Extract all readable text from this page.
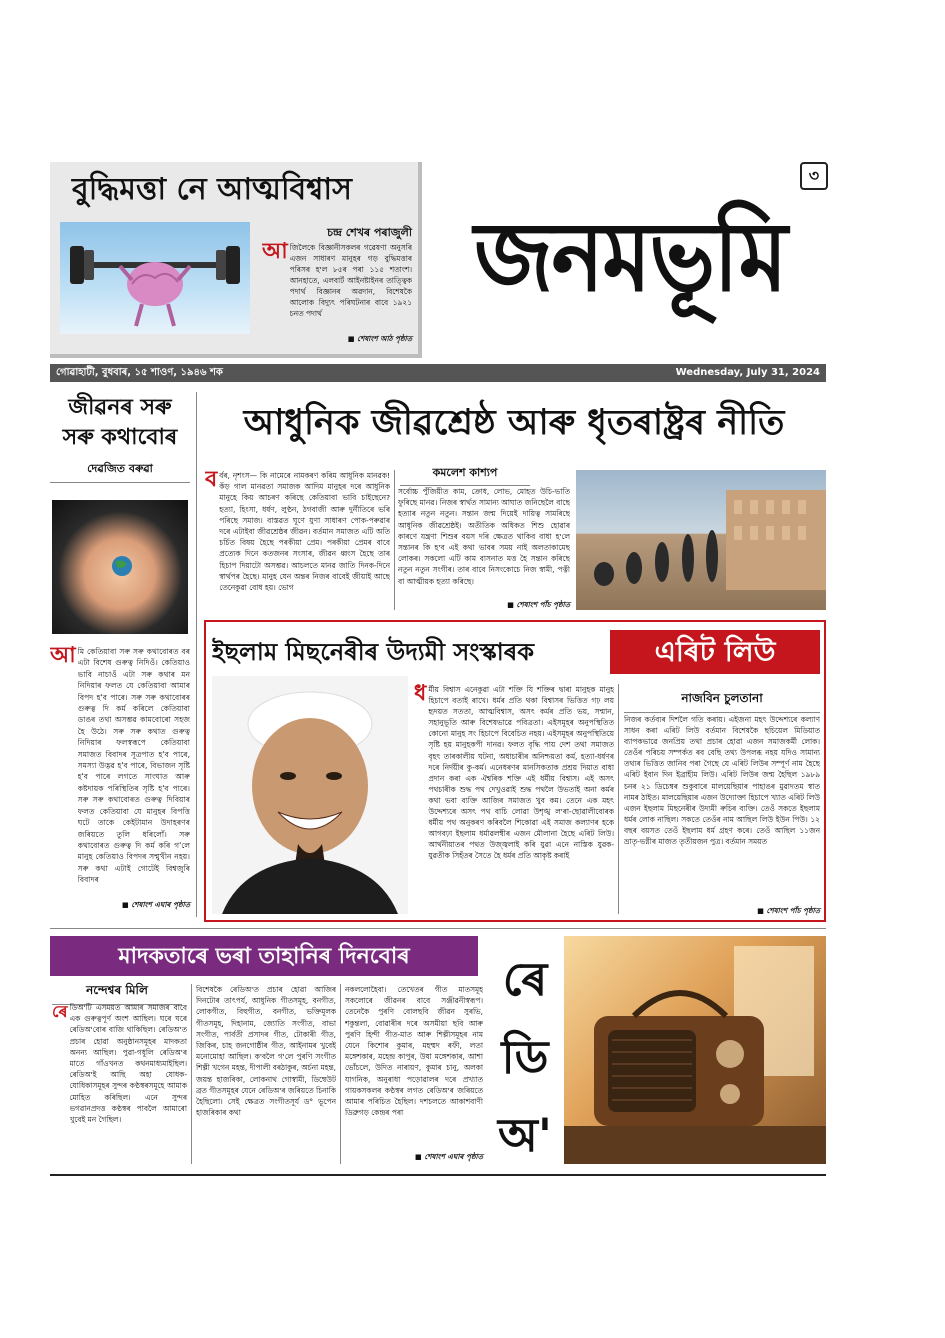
বুদ্ধিমত্তা নে আত্মবিশ্বাস
চন্দ্ৰ শেখৰ পৰাজুলী
আ জিলৈকে বিজ্ঞানীসকলৰ গৱেষণা অনুসৰি এজন সাধাৰণ মানুহৰ গড় বুদ্ধিমত্তাৰ পৰিসৰ হ'ল ৮৫ৰ পৰা ১১৫ শতাংশ। আনহাতে, এলবাৰ্ট আইনষ্টাইনৰ তাত্ত্বিক পদাৰ্থ বিজ্ঞানৰ অৱদান, বিশেষকৈ আলোক বিদ্যুৎ পৰিঘটনাৰ বাবে ১৯২১ চনত পদাৰ্থ

■ শেষাংশ আঠ পৃষ্ঠাত
৩
জনমভূমি
গোৱাহাটী, বুধবাৰ, ১৫ শাওণ, ১৯৪৬ শক	Wednesday, July 31, 2024
জীৱনৰ সৰু
সৰু কথাবোৰ
দেৱজিত বৰুৱা
আ মি কেতিয়াবা সৰু সৰু কথাবোৰত বৰ এটা বিশেষ গুৰুত্ব নিদিওঁ। কেতিয়াও ভাবি নাচাওঁ এটা সৰু কথাৰ মন নিদিয়াৰ ফলত যে কেতিয়াবা আমাৰ বিপদ হ'ব পাৰে। সৰু সৰু কথাবোৰৰ গুৰুত্ব দি কৰ্ম কৰিলে কেতিয়াবা ডাঙৰ তথা অসম্ভৱ কামবোৰো সহজ হৈ উঠে। সৰু সৰু কথাত গুৰুত্ব নিদিয়াৰ ফলস্বৰূপে কেতিয়াবা সমাজত বিবাদৰ সূত্ৰপাত হ'ব পাৰে, সমস্যা উদ্ভৱ হ'ব পাৰে, বিভাজন সৃষ্টি হ'ব পাৰে লগতে সাংঘাত আৰু কষ্টদায়ক পৰিস্থিতিৰ সৃষ্টি হ'ব পাৰে। সৰু সৰু কথাবোৰত গুৰুত্ব দিবিয়াৰ ফলত কেতিয়াবা যে মানুহৰ বিপত্তি ঘটে তাকে কেইটামান উদাহৰণৰ জৰিয়তে তুলি ধৰিলোঁ। সৰু কথাবোৰত গুৰুত্ব দি কৰ্ম কৰি গ'লে মানুহ কেতিয়াও বিপদৰ সন্মুখীন নহয়। সৰু কথা এটাই গোটেই বিশ্বজুৰি বিবাদৰ

■ শেষাংশ এঘাৰ পৃষ্ঠাত
আধুনিক জীৱশ্ৰেষ্ঠ আৰু ধৃতৰাষ্ট্ৰৰ নীতি
কমলেশ কাশ্যপ
ব ৰ্বৰ, নৃশংস— কি নামেৰে নামকৰণ কৰিম আধুনিক মানৱক! কঁড় গাল মানৱতা সমাজক আদিম মানুহৰ দৰে আধুনিক মানুহে কিয় আচৰণ কৰিছে কেতিয়াবা ভাবি চাইছেনে? হত্যা, হিংসা, ধৰ্ষণ, লুণ্ঠন, ঠগবাজী আৰু দুৰ্নীতিৰে ভৰি পৰিছে সমাজ। বাস্তৱত ঘূণে যুণা সাধাৰণ পোক-পৰুৱাৰ দৰে এটাইবা জীৱশ্ৰেষ্ঠৰ জীৱন। বৰ্তমান সমাজত এটি অতি চৰ্চিত বিষয় হৈছে পৰকীয়া প্ৰেম। পৰকীয়া প্ৰেমৰ বাবে প্ৰত্যেক দিনে কতজনৰ সংসাৰ, জীৱন ধ্বংস হৈছে তাৰ হিচাপ দিয়াটো অসম্ভৱ। আচলতে মানৱ জাতি দিনক-দিনে স্বাৰ্থপৰ হৈছে। মানুহ যেন অন্তৰ নিজৰ বাবেই জীয়াই আছে তেনেকুৱা বোধ হয়। ভোগ

সৰ্বোচ্চ পুঁজিয়ীত কাম, ক্ৰোধ, লোভ, মোহত উচি-ভাতি ফুৰিছে মানৱ। নিজৰ স্বাৰ্থত সামান্য আঘাত জনিছেলৈ বাছে হত্যাৰ নতুন নতুন। সন্তান জন্ম দিয়েই দায়িত্ব সামৰিছে আধুনিক জীৱশ্ৰেষ্ঠই। অতীতিক অধিকত শিশু হোৱাৰ কাৰণে যন্ত্ৰণা শিশুৰ বয়স দৰি ক্ষেত্ৰত থাকিব বাধা হ'লে সন্তানৰ কি হ'ব এই কথা ভাবৰ সময় নাই অলতাকামেছ লোকৰ। সকলো এটি কাম বাসনাত মত্ত হৈ সন্তান কৰিছে নতুন নতুন সংগীৰ। তাৰ বাবে নিসংকোচে নিজ স্বামী, পত্নী বা আত্মীয়ক হত্যা কৰিছে।

■ শেষাংশ পাঁচ পৃষ্ঠাত
ইছলাম মিছনেৰীৰ উদ্যমী সংস্কাৰক	এৰিট লিউ
ধ ৰ্মীয় বিশ্বাস এনেকুৱা এটা শক্তি যি শক্তিৰ দ্বাৰা মানুহক মানুহ হিচাপে বতাই ৰাখে। ধৰ্মৰ প্ৰতি থকা বিশ্বাসৰ ভিত্তিত গঢ় লয় হৃদয়ত সততা, আত্মবিশ্বাস, অসৎ কৰ্মৰ প্ৰতি ভয়, সন্মান, সহানুভূতি আৰু বিশেষভাৱে পবিত্ৰতা। এইসমূহৰ অনুপস্থিতিত কোনো মানুহ সং হিচাপে বিবেচিত নহয়। এইসমূহৰ অনুপস্থিতিয়ে সৃষ্টি হয় মানুহকপী দানৱ। ফলত বৃদ্ধি পায় দেশ তথা সমাজত বৃহৎ তাৰকালীয় ঘটনা, অধাচাৰীৰ অনিশ্চয়তা কৰ্ম, হত্যা-ধৰ্ষণৰ দৰে নিৰ্দয়ীৰ কু-কৰ্ম। এনেধৰণৰ মানসিকতাক প্ৰশ্ৰয় দিয়াত বাধা প্ৰদান কৰা এক ঐশ্বৰিক শক্তি এই ধৰ্মীয় বিশ্বাস। এই অসৎ পথচাৰীক শুদ্ধ পথ দেখুওৱাই শুদ্ধ পথলৈ উভতাই অনা কৰ্মৰ কথা ভবা ব্যক্তি আজিৰ সমাজত খুব কম। তেনে এক মহৎ উদ্দেশ্যৰে অসৎ পথ বাচি লোৱা উশৃঙ্খ ল'ৰা-ছোৱালীবোৰক ধৰ্মীয় পথ অনুকৰণ কৰিবলৈ শিকোৱা এই সমাজ কল্যাণৰ হকে আগবঢ়া ইছলাম ধৰ্মাৱলম্বীৰ এজন মৌলানা হৈছে এৰিট লিউ। আৰ্থনীয়াতৰ পথত উজ্জ্বলাই কৰি যুৱা এনে নাস্তিক যুৱক-যুৱতীক সিহঁতৰ সৈতে হৈ ধৰ্মৰ প্ৰতি আকৃষ্ট কৰাই

নাজবিন চুলতানা

নিজৰ কৰ্তব্যৰ দিশলৈ গতি কৰায়। এইজনা মহৎ উদ্দেশ্যৰে কল্যাণ সাধন কৰা এৰিট লিউ বৰ্তমান বিশেষকৈ ছচিয়েল মিডিয়াত ব্যাপকভাৱে জনপ্ৰিয় তথা প্ৰচাৰ হোৱা এজন সমাজকৰ্মী লোক। তেওঁৰ পৰিচয় সম্পৰ্কত ৰব বেছি তথ্য উপলব্ধ নহয় যদিও সামান্য তথ্যৰ ভিত্তিত জানিব পৰা গৈছে যে এৰিট লিউৰ সম্পূৰ্ণ নাম হৈছে এৰিট ইবান দিন ইব্ৰাহীম লিউ। এৰিট লিউৰ জন্ম হৈছিল ১৯৮৯ চনৰ ২১ ডিচেম্বৰ শুকুবাৰে মালয়েছিয়াৰ পাহাঙৰ মুৱাদতম স্বাত নামৰ ঠাইত। মালয়েছিয়াৰ এজন উদ্যোক্তা হিচাপে খ্যাত এৰিট লিউ এজন ইছলাম মিছনেৰীৰ উদ্যমী ৰুচিৰ ব্যক্তি। তেওঁ সকতে ইছলাম ধৰ্মৰ লোক নাছিল। সকতে তেওঁৰ নাম আছিল লিউ ইউন পিউ। ১২ বছৰ বয়সত তেওঁ ইছলাম ধৰ্ম গ্ৰহণ কৰে। তেওঁ আছিল ১১জন ভ্ৰাতৃ-ভগ্নীৰ মাজত তৃতীয়জন পুত্ৰ। বৰ্তমান সময়ত

■ শেষাংশ পাঁচ পৃষ্ঠাত
মাদকতাৰে ভৰা তাহানিৰ দিনবোৰ
নন্দেশ্বৰ মিলি
ৰে ডিঅ'টি এসময়ত আমাৰ সমাজৰ বাবে এক গুৰুত্বপূৰ্ণ অংশ আছিল। ঘৰে ঘৰে ৰেডিঅ'বোৰ বাজি থাকিছিল। ৰেডিঅ'ত প্ৰচাৰ হোৱা অনুষ্ঠানসমূহৰ মাদকতা অনন্য আছিল। পুৱা-গধূলি ৰেডিঅ'ৰ মাতে গাঁওখনত কথনমাধ্যমাইছিল। ৰেডিঅ'ই আছি অহা যোধক-যোধিকাসমূহৰ সুন্দৰ কণ্ঠস্বৰসমূহে আমাক মোহিত কৰিছিল। এনে সুন্দৰ ভগৱানপ্ৰদত্ত কণ্ঠস্বৰ পাবলৈ আমাৰো খুবেই মন গৈছিল।

বিশেষকৈ ৰেডিঅ'ত প্ৰচাৰ হোৱা আজিৰ দিনটোৰ তাৎপৰ্য, আধুনিক গীতসমূহ, বনগীত, লোকগীত, বিহুগীত, বনগীত, ভক্তিমূলক গীতসমূহ, দিহানাম, জ্যোতি সংগীত, বাভা সংগীত, পাৰ্বতী প্ৰসাদৰ গীত, টোকাৰী গীত, জিকিৰ, চাহ জনগোষ্ঠীৰ গীত, আইনামৰ খুবেই মনোমোহা আছিল। ক'বলৈ গ'লে পুৰণি সংগীত শিল্পী খগেন মহন্ত, দীপালী বৰঠাকুৰ, অৰ্চনা মহন্ত, জয়ন্ত হাজৰিকা, লোকনাথ গোস্বামী, ডিম্বেউট ব্ৰত গীতসমূহৰ যেনে ৰেডিঅ'ৰ জৰিয়তে চিনাকি হৈছিলো। সেই ক্ষেত্ৰত সংগীতসূৰ্য ড° ভূপেন হাজৰিকাৰ কথা

নকললোহৈবা। তেখেতৰ গীত মাতসমূহ সকলোৰে জীৱনৰ বাবে সঞ্জীৱনীস্বৰূপ। তেনেকৈ পুৰণি বোলছবি জীৱন সুৰভি, শকুন্তলা, বোৱাৰীৰ দৰে অসমীয়া ছবি আৰু পুৰণি হিন্দী গীত-মাত আৰু শিল্পীসমূহৰ নাম যেনে কিশোৰ কুমাৰ, মহম্মদ ৰফী, লতা মঙ্গেশকাৰ, মহেন্দ্ৰ কাপুৰ, উষা মঙ্গেশকাৰ, আশা ভোঁচলে, উদিত নাৰায়ণ, কুমাৰ চানু, অলকা যাগনিক, অনুৰাধা পড়োৱালৰ দৰে প্ৰখ্যাত গায়কসকলৰ কণ্ঠস্বৰ লগত ৰেডিঅ'ৰ জৰিয়তে আমাৰ পৰিচিত হৈছিল। দশচলতে আকাশবাণী ডিব্ৰুগড় কেন্দ্ৰৰ পৰা

■ শেষাংশ এঘাৰ পৃষ্ঠাত
ৰে
ডি
অ'
